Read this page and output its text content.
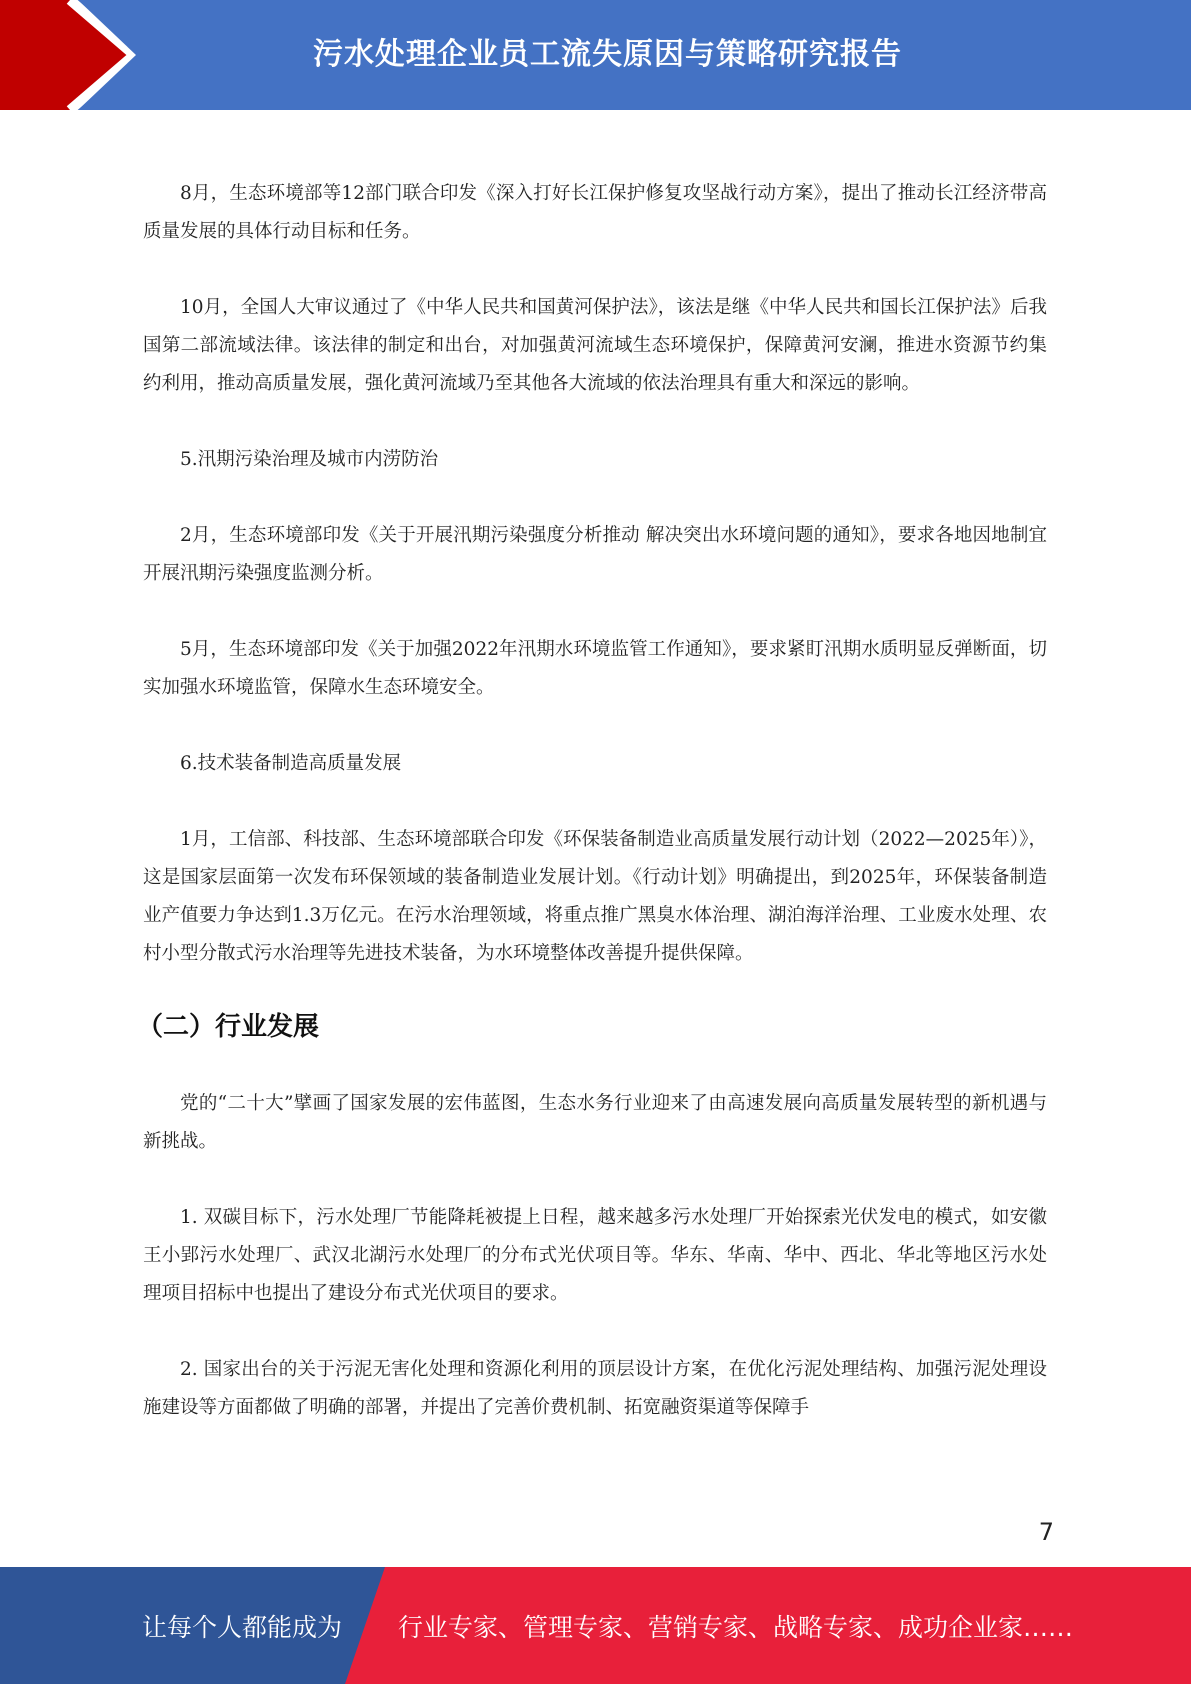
污水处理企业员工流失原因与策略研究报告

8月，生态环境部等12部门联合印发《深入打好长江保护修复攻坚战行动方案》，提出了推动长江经济带高质量发展的具体行动目标和任务。

10月，全国人大审议通过了《中华人民共和国黄河保护法》，该法是继《中华人民共和国长江保护法》后我国第二部流域法律。该法律的制定和出台，对加强黄河流域生态环境保护，保障黄河安澜，推进水资源节约集约利用，推动高质量发展，强化黄河流域乃至其他各大流域的依法治理具有重大和深远的影响。

5.汛期污染治理及城市内涝防治

2月，生态环境部印发《关于开展汛期污染强度分析推动 解决突出水环境问题的通知》，要求各地因地制宜开展汛期污染强度监测分析。

5月，生态环境部印发《关于加强2022年汛期水环境监管工作通知》，要求紧盯汛期水质明显反弹断面，切实加强水环境监管，保障水生态环境安全。

6.技术装备制造高质量发展

1月，工信部、科技部、生态环境部联合印发《环保装备制造业高质量发展行动计划（2022—2025年）》，这是国家层面第一次发布环保领域的装备制造业发展计划。《行动计划》明确提出，到2025年，环保装备制造业产值要力争达到1.3万亿元。在污水治理领域，将重点推广黑臭水体治理、湖泊海洋治理、工业废水处理、农村小型分散式污水治理等先进技术装备，为水环境整体改善提升提供保障。

（二）行业发展

党的“二十大”擘画了国家发展的宏伟蓝图，生态水务行业迎来了由高速发展向高质量发展转型的新机遇与新挑战。

1. 双碳目标下，污水处理厂节能降耗被提上日程，越来越多污水处理厂开始探索光伏发电的模式，如安徽王小郢污水处理厂、武汉北湖污水处理厂的分布式光伏项目等。华东、华南、华中、西北、华北等地区污水处理项目招标中也提出了建设分布式光伏项目的要求。

2. 国家出台的关于污泥无害化处理和资源化利用的顶层设计方案，在优化污泥处理结构、加强污泥处理设施建设等方面都做了明确的部署，并提出了完善价费机制、拓宽融资渠道等保障手

7
让每个人都能成为 行业专家、管理专家、营销专家、战略专家、成功企业家……
